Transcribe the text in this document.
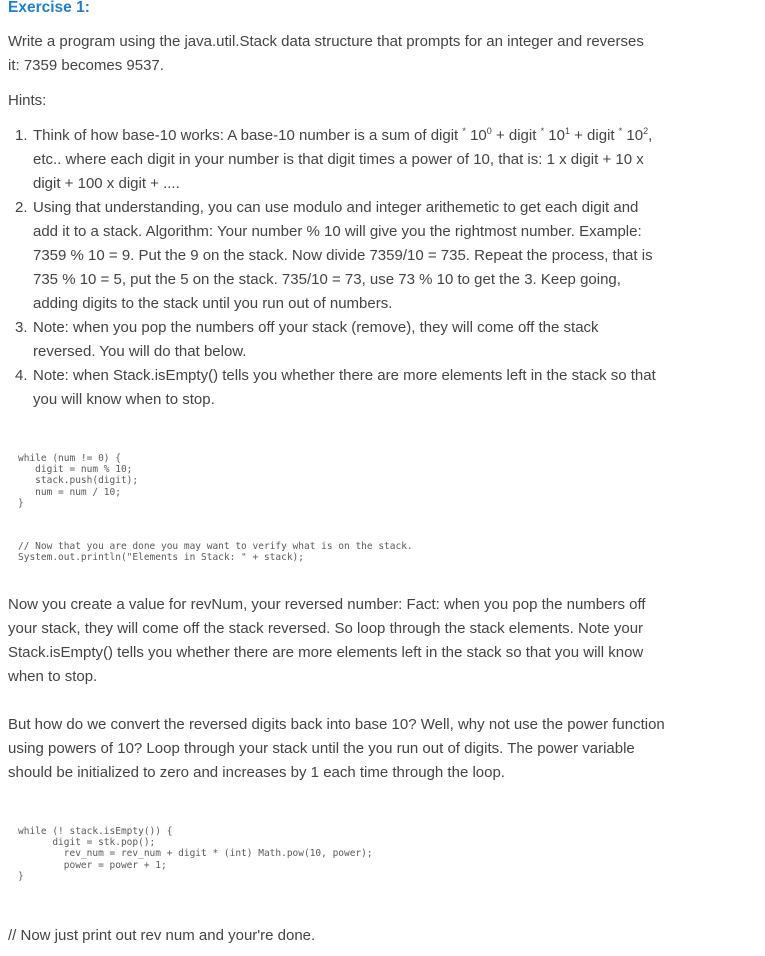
Exercise 1:
Write a program using the java.util.Stack data structure that prompts for an integer and reverses it: 7359 becomes 9537.
Hints:
1. Think of how base-10 works: A base-10 number is a sum of digit * $10^0$ + digit * $10^1$ + digit * $10^2$, etc.. where each digit in your number is that digit times a power of 10, that is: 1 x digit + 10 x digit + 100 x digit + ....
2. Using that understanding, you can use modulo and integer arithemetic to get each digit and add it to a stack. Algorithm: Your number % 10 will give you the rightmost number. Example: 7359 % 10 = 9. Put the 9 on the stack. Now divide 7359/10 = 735. Repeat the process, that is 735 % 10 = 5, put the 5 on the stack. 735/10 = 73, use 73 % 10 to get the 3. Keep going, adding digits to the stack until you run out of numbers.
3. Note: when you pop the numbers off your stack (remove), they will come off the stack reversed. You will do that below.
4. Note: when Stack.isEmpty() tells you whether there are more elements left in the stack so that you will know when to stop.
while (num != 0) {
digit = num % 10;
stack.push(digit);
num = num / 10;
}
// Now that you are done you may want to verify what is on the stack.
System.out.println("Elements in Stack: " + stack);
Now you create a value for revNum, your reversed number: Fact: when you pop the numbers off your stack, they will come off the stack reversed. So loop through the stack elements. Note your Stack.isEmpty() tells you whether there are more elements left in the stack so that you will know when to stop.
But how do we convert the reversed digits back into base 10? Well, why not use the power function using powers of 10? Loop through your stack until the you run out of digits. The power variable should be initialized to zero and increases by 1 each time through the loop.
while (! stack.isEmpty()) {
digit = stk.pop();
rev_num = rev_num + digit * (int) Math.pow(10, power);
power = power + 1;
}
// Now just print out rev num and your're done.
